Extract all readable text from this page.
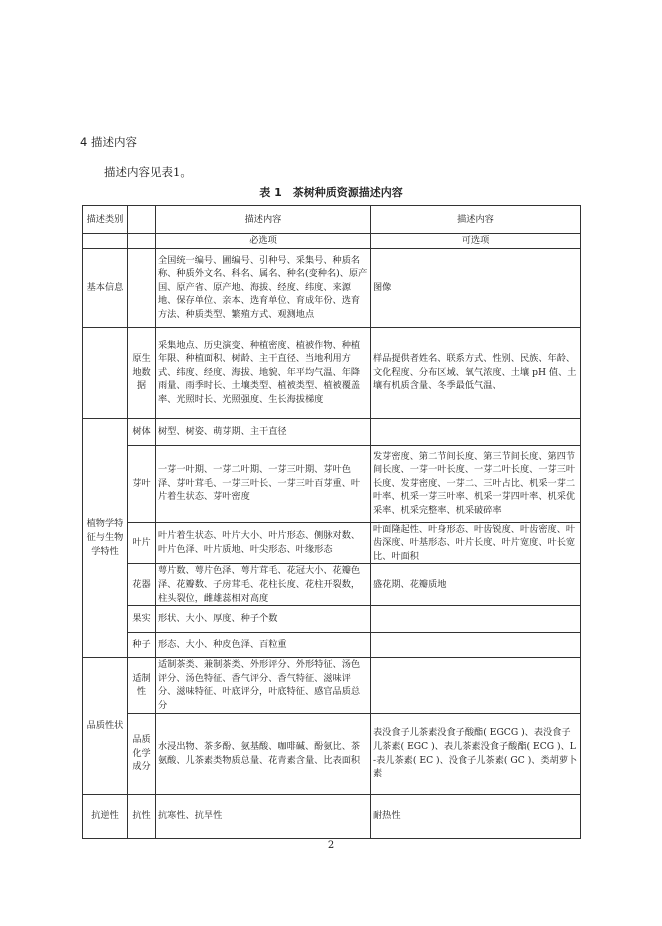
4 描述内容
描述内容见表1。
表 1　茶树种质资源描述内容
描述类别		描述内容	描述内容
		必选项	可选项
基本信息		全国统一编号、圃编号、引种号、采集号、种质名称、种质外文名、科名、属名、种名(变种名)、原产国、原产省、原产地、海拔、经度、纬度、来源地、保存单位、亲本、选育单位、育成年份、选育方法、种质类型、繁殖方式、观测地点	图像
	原生地数据	采集地点、历史演变、种植密度、植被作物、种植年限、种植面积、树龄、主干直径、当地利用方式、纬度、经度、海拔、地貌、年平均气温、年降雨量、雨季时长、土壤类型、植被类型、植被覆盖率、光照时长、光照强度、生长海拔梯度	样品提供者姓名、联系方式、性别、民族、年龄、文化程度、分布区域、氧气浓度、土壤 pH 值、土壤有机质含量、冬季最低气温、
植物学特征与生物学特性	树体	树型、树姿、萌芽期、主干直径	
	芽叶	一芽一叶期、一芽二叶期、一芽三叶期、芽叶色泽、芽叶茸毛、一芽三叶长、一芽三叶百芽重、叶片着生状态、芽叶密度	发芽密度、第二节间长度、第三节间长度、第四节间长度、一芽一叶长度、一芽二叶长度、一芽三叶长度、发芽密度、一芽二、三叶占比、机采一芽二叶率、机采一芽三叶率、机采一芽四叶率、机采优采率、机采完整率、机采破碎率
	叶片	叶片着生状态、叶片大小、叶片形态、侧脉对数、叶片色泽、叶片质地、叶尖形态、叶缘形态	叶面隆起性、叶身形态、叶齿锐度、叶齿密度、叶齿深度、叶基形态、叶片长度、叶片宽度、叶长宽比、叶面积
	花器	萼片数、萼片色泽、萼片茸毛、花冠大小、花瓣色泽、花瓣数、子房茸毛、花柱长度、花柱开裂数，柱头裂位，雌雄蕊相对高度	盛花期、花瓣质地
	果实	形状、大小、厚度、种子个数	
	种子	形态、大小、种皮色泽、百粒重	
品质性状	适制性	适制茶类、兼制茶类、外形评分、外形特征、汤色评分、汤色特征、香气评分、香气特征、滋味评分、滋味特征、叶底评分，叶底特征、感官品质总分	
	品质化学成分	水浸出物、茶多酚、氨基酸、咖啡碱、酚氨比、茶氨酸、儿茶素类物质总量、花青素含量、比表面积	表没食子儿茶素没食子酸酯( EGCG )、表没食子儿茶素( EGC )、表儿茶素没食子酸酯( ECG )、L -表儿茶素( EC )、没食子儿茶素( GC )、类胡萝卜素
抗逆性	抗性	抗寒性、抗旱性	耐热性
2
